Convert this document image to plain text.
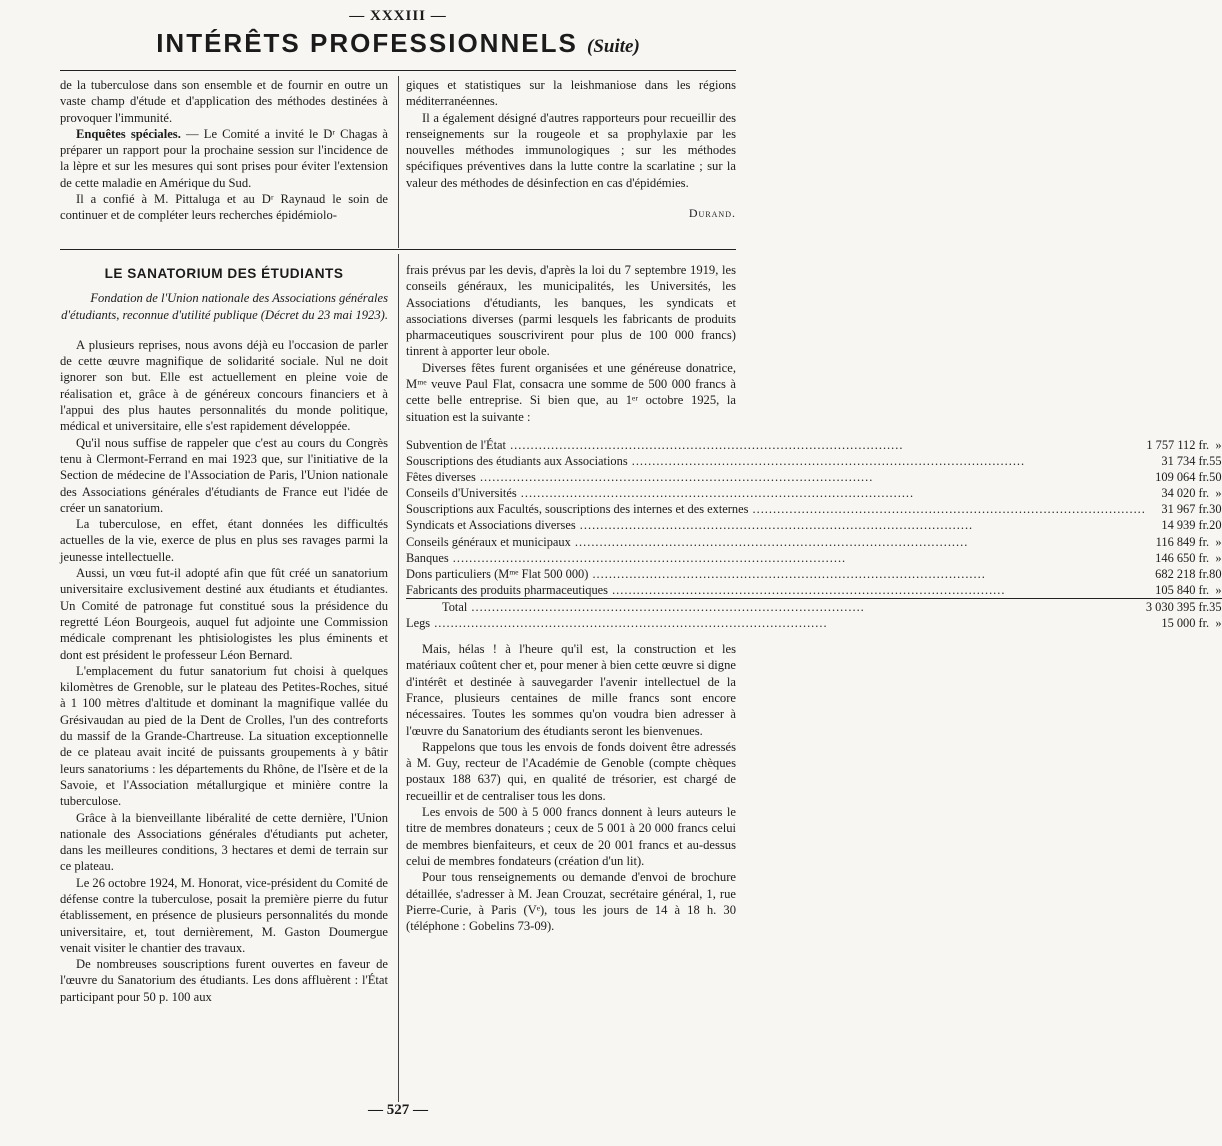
— XXXIII —
INTÉRÊTS PROFESSIONNELS (Suite)

de la tuberculose dans son ensemble et de fournir en outre un vaste champ d'étude et d'application des méthodes destinées à provoquer l'immunité.

Enquêtes spéciales. — Le Comité a invité le Dʳ Chagas à préparer un rapport pour la prochaine session sur l'incidence de la lèpre et sur les mesures qui sont prises pour éviter l'extension de cette maladie en Amérique du Sud.

Il a confié à M. Pittaluga et au Dʳ Raynaud le soin de continuer et de compléter leurs recherches épidémiolo-

giques et statistiques sur la leishmaniose dans les régions méditerranéennes.

Il a également désigné d'autres rapporteurs pour recueillir des renseignements sur la rougeole et sa prophylaxie par les nouvelles méthodes immunologiques ; sur les méthodes spécifiques préventives dans la lutte contre la scarlatine ; sur la valeur des méthodes de désinfection en cas d'épidémies.

Durand.

LE SANATORIUM DES ÉTUDIANTS

Fondation de l'Union nationale des Associations générales d'étudiants, reconnue d'utilité publique (Décret du 23 mai 1923).

A plusieurs reprises, nous avons déjà eu l'occasion de parler de cette œuvre magnifique de solidarité sociale. Nul ne doit ignorer son but. Elle est actuellement en pleine voie de réalisation et, grâce à de généreux concours financiers et à l'appui des plus hautes personnalités du monde politique, médical et universitaire, elle s'est rapidement développée.

Qu'il nous suffise de rappeler que c'est au cours du Congrès tenu à Clermont-Ferrand en mai 1923 que, sur l'initiative de la Section de médecine de l'Association de Paris, l'Union nationale des Associations générales d'étudiants de France eut l'idée de créer un sanatorium.

La tuberculose, en effet, étant données les difficultés actuelles de la vie, exerce de plus en plus ses ravages parmi la jeunesse intellectuelle.

Aussi, un vœu fut-il adopté afin que fût créé un sanatorium universitaire exclusivement destiné aux étudiants et étudiantes. Un Comité de patronage fut constitué sous la présidence du regretté Léon Bourgeois, auquel fut adjointe une Commission médicale comprenant les phtisiologistes les plus éminents et dont est président le professeur Léon Bernard.

L'emplacement du futur sanatorium fut choisi à quelques kilomètres de Grenoble, sur le plateau des Petites-Roches, situé à 1 100 mètres d'altitude et dominant la magnifique vallée du Grésivaudan au pied de la Dent de Crolles, l'un des contreforts du massif de la Grande-Chartreuse. La situation exceptionnelle de ce plateau avait incité de puissants groupements à y bâtir leurs sanatoriums : les départements du Rhône, de l'Isère et de la Savoie, et l'Association métallurgique et minière contre la tuberculose.

Grâce à la bienveillante libéralité de cette dernière, l'Union nationale des Associations générales d'étudiants put acheter, dans les meilleures conditions, 3 hectares et demi de terrain sur ce plateau.

Le 26 octobre 1924, M. Honorat, vice-président du Comité de défense contre la tuberculose, posait la première pierre du futur établissement, en présence de plusieurs personnalités du monde universitaire, et, tout dernièrement, M. Gaston Doumergue venait visiter le chantier des travaux.

De nombreuses souscriptions furent ouvertes en faveur de l'œuvre du Sanatorium des étudiants. Les dons affluèrent : l'État participant pour 50 p. 100 aux

frais prévus par les devis, d'après la loi du 7 septembre 1919, les conseils généraux, les municipalités, les Universités, les Associations d'étudiants, les banques, les syndicats et associations diverses (parmi lesquels les fabricants de produits pharmaceutiques souscrivirent pour plus de 100 000 francs) tinrent à apporter leur obole.

Diverses fêtes furent organisées et une généreuse donatrice, Mᵐᵉ veuve Paul Flat, consacra une somme de 500 000 francs à cette belle entreprise. Si bien que, au 1ᵉʳ octobre 1925, la situation est la suivante :

Subvention de l'État .....	1 757 112	fr.	»

Souscriptions des étudiants aux Associations .....	31 734	fr.	55

Fêtes diverses .....	109 064	fr.	50

Conseils d'Universités .....	34 020	fr.	»

Souscriptions aux Facultés, souscriptions des internes et des externes .....	31 967	fr.	30

Syndicats et Associations diverses .....	14 939	fr.	20

Conseils généraux et municipaux .....	116 849	fr.	»

Banques .....	146 650	fr.	»

Dons particuliers (Mᵐᵉ Flat 500 000) .....	682 218	fr.	80

Fabricants des produits pharmaceutiques .....	105 840	fr.	»

Total .....	3 030 395	fr.	35

Legs .....	15 000	fr.	»

Mais, hélas ! à l'heure qu'il est, la construction et les matériaux coûtent cher et, pour mener à bien cette œuvre si digne d'intérêt et destinée à sauvegarder l'avenir intellectuel de la France, plusieurs centaines de mille francs sont encore nécessaires. Toutes les sommes qu'on voudra bien adresser à l'œuvre du Sanatorium des étudiants seront les bienvenues.

Rappelons que tous les envois de fonds doivent être adressés à M. Guy, recteur de l'Académie de Genoble (compte chèques postaux 188 637) qui, en qualité de trésorier, est chargé de recueillir et de centraliser tous les dons.

Les envois de 500 à 5 000 francs donnent à leurs auteurs le titre de membres donateurs ; ceux de 5 001 à 20 000 francs celui de membres bienfaiteurs, et ceux de 20 001 francs et au-dessus celui de membres fondateurs (création d'un lit).

Pour tous renseignements ou demande d'envoi de brochure détaillée, s'adresser à M. Jean Crouzat, secrétaire général, 1, rue Pierre-Curie, à Paris (Vᵉ), tous les jours de 14 à 18 h. 30 (téléphone : Gobelins 73-09).

— 527 —
